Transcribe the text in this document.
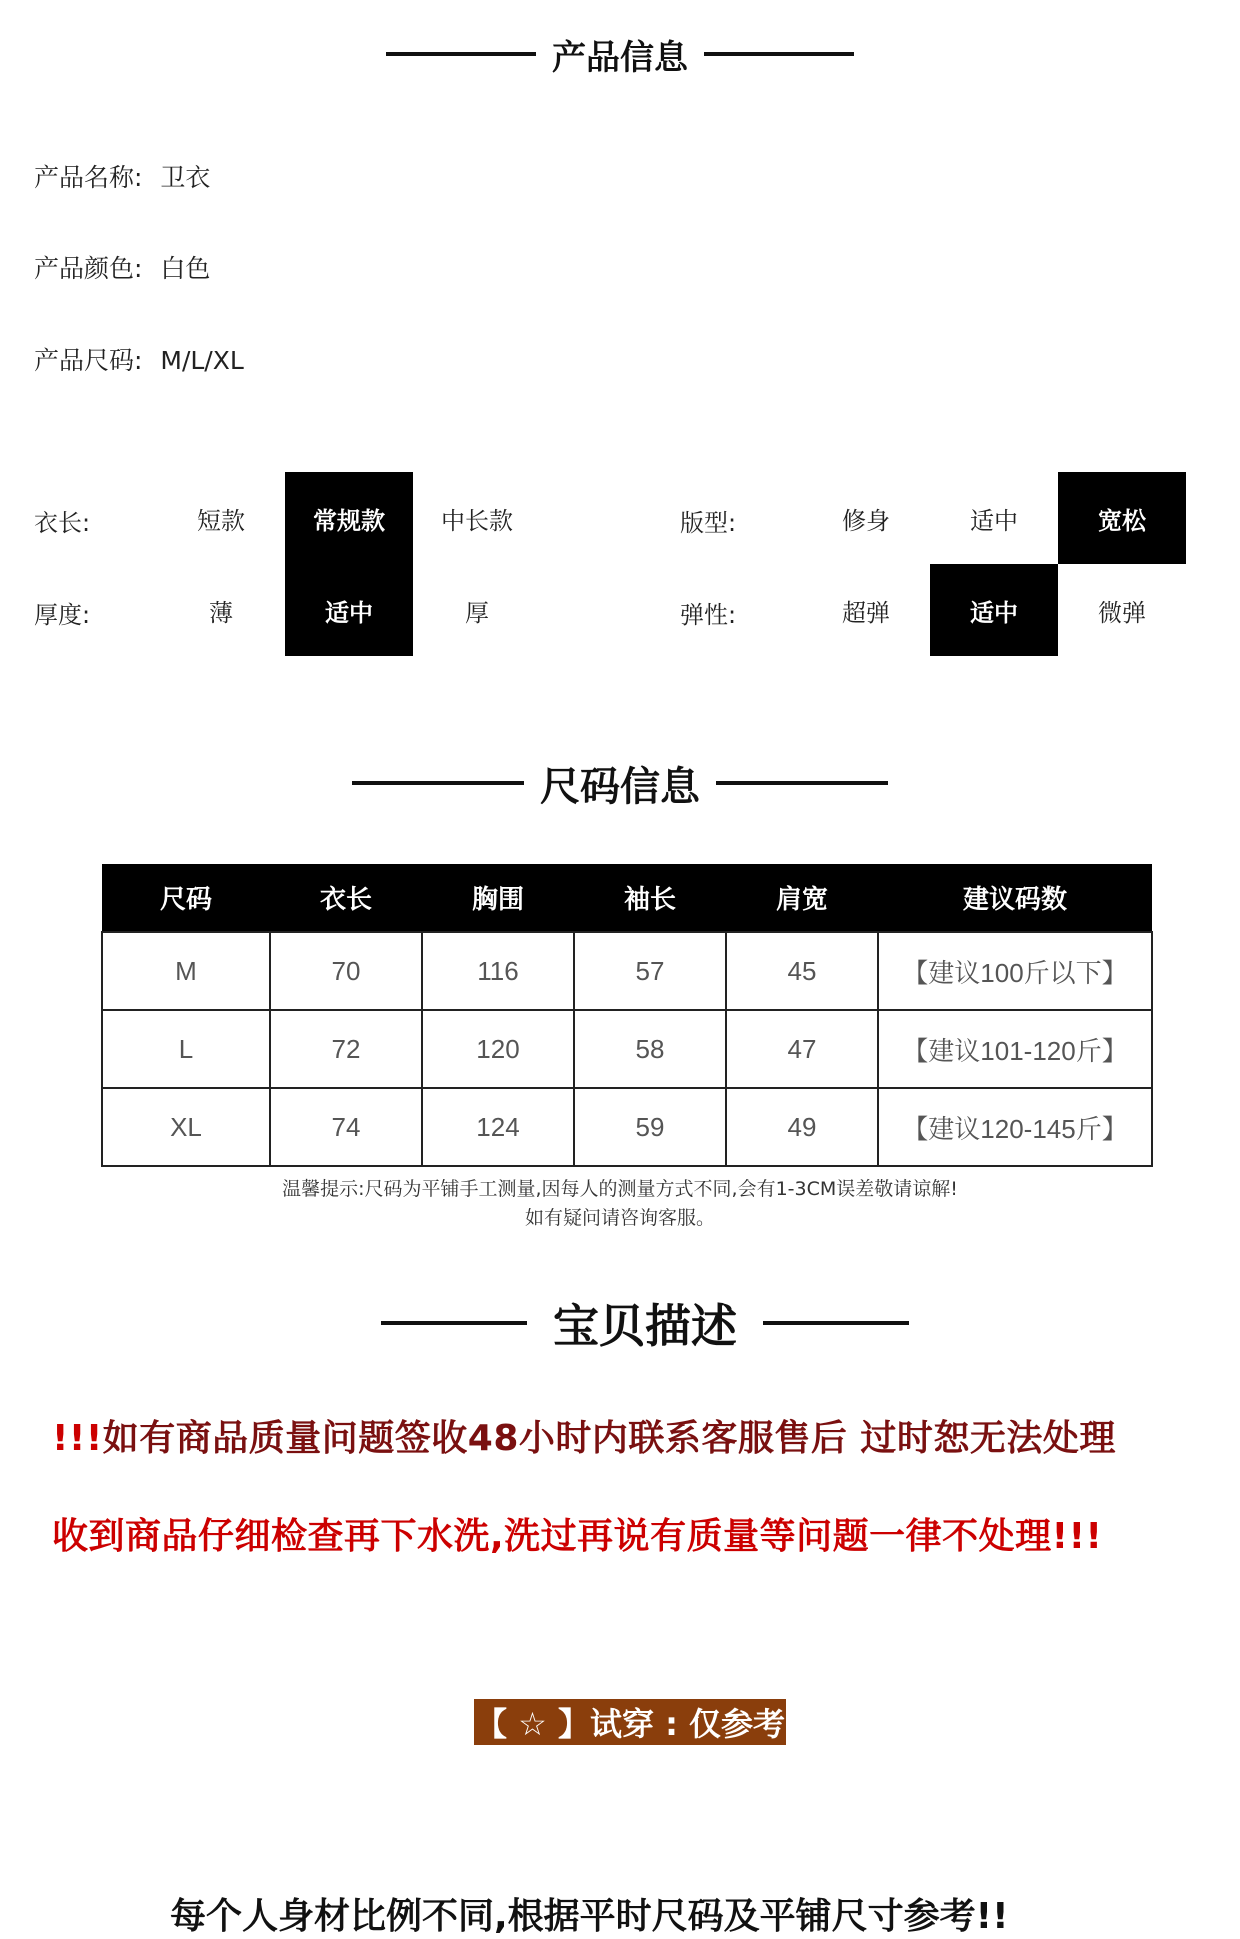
产品信息
产品名称: 卫衣
产品颜色: 白色
产品尺码: M/L/XL
衣长:	短款	常规款	中长款
厚度:	薄	适中	厚
版型:	修身	适中	宽松
弹性:	超弹	适中	微弹
尺码信息
尺码	衣长	胸围	袖长	肩宽	建议码数
M	70	116	57	45	【建议100斤以下】
L	72	120	58	47	【建议101-120斤】
XL	74	124	59	49	【建议120-145斤】
温馨提示:尺码为平铺手工测量,因每人的测量方式不同,会有1-3CM误差敬请谅解!
如有疑问请咨询客服。
宝贝描述
!!!如有商品质量问题签收48小时内联系客服售后 过时恕无法处理
收到商品仔细检查再下水洗,洗过再说有质量等问题一律不处理!!!
【 ☆ 】试穿 : 仅参考
每个人身材比例不同,根据平时尺码及平铺尺寸参考!!
